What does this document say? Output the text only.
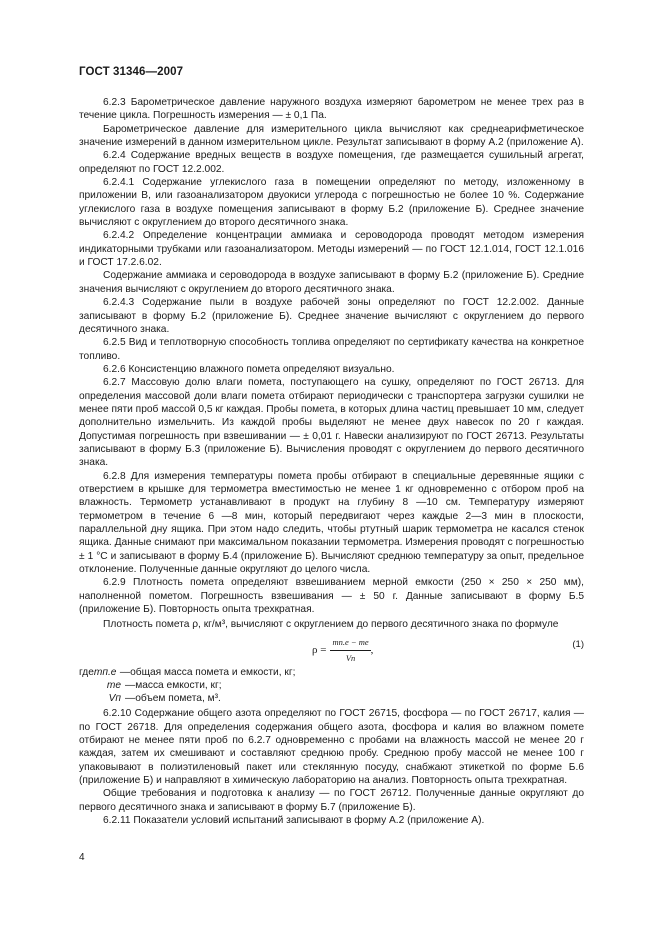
ГОСТ 31346—2007

6.2.3 Барометрическое давление наружного воздуха измеряют барометром не менее трех раз в течение цикла. Погрешность измерения — ± 0,1 Па.

Барометрическое давление для измерительного цикла вычисляют как среднеарифметическое значение измерений в данном измерительном цикле. Результат записывают в форму А.2 (приложение А).

6.2.4 Содержание вредных веществ в воздухе помещения, где размещается сушильный агрегат, определяют по ГОСТ 12.2.002.

6.2.4.1 Содержание углекислого газа в помещении определяют по методу, изложенному в приложении В, или газоанализатором двуокиси углерода с погрешностью не более 10 %. Содержание углекислого газа в воздухе помещения записывают в форму Б.2 (приложение Б). Среднее значение вычисляют с округлением до второго десятичного знака.

6.2.4.2 Определение концентрации аммиака и сероводорода проводят методом измерения индикаторными трубками или газоанализатором. Методы измерений — по ГОСТ 12.1.014, ГОСТ 12.1.016 и ГОСТ 17.2.6.02.

Содержание аммиака и сероводорода в воздухе записывают в форму Б.2 (приложение Б). Средние значения вычисляют с округлением до второго десятичного знака.

6.2.4.3 Содержание пыли в воздухе рабочей зоны определяют по ГОСТ 12.2.002. Данные записывают в форму Б.2 (приложение Б). Среднее значение вычисляют с округлением до первого десятичного знака.

6.2.5 Вид и теплотворную способность топлива определяют по сертификату качества на конкретное топливо.

6.2.6 Консистенцию влажного помета определяют визуально.

6.2.7 Массовую долю влаги помета, поступающего на сушку, определяют по ГОСТ 26713. Для определения массовой доли влаги помета отбирают периодически с транспортера загрузки сушилки не менее пяти проб массой 0,5 кг каждая. Пробы помета, в которых длина частиц превышает 10 мм, следует дополнительно измельчить. Из каждой пробы выделяют не менее двух навесок по 20 г каждая. Допустимая погрешность при взвешивании — ± 0,01 г. Навески анализируют по ГОСТ 26713. Результаты записывают в форму Б.3 (приложение Б). Вычисления проводят с округлением до первого десятичного знака.

6.2.8 Для измерения температуры помета пробы отбирают в специальные деревянные ящики с отверстием в крышке для термометра вместимостью не менее 1 кг одновременно с отбором проб на влажность. Термометр устанавливают в продукт на глубину 8 —10 см. Температуру измеряют термометром в течение 6 —8 мин, который передвигают через каждые 2—3 мин в плоскости, параллельной дну ящика. При этом надо следить, чтобы ртутный шарик термометра не касался стенок ящика. Данные снимают при максимальном показании термометра. Измерения проводят с погрешностью ± 1 °С и записывают в форму Б.4 (приложение Б). Вычисляют среднюю температуру за опыт, предельное отклонение. Полученные данные округляют до целого числа.

6.2.9 Плотность помета определяют взвешиванием мерной емкости (250 × 250 × 250 мм), наполненной пометом. Погрешность взвешивания — ± 50 г. Данные записывают в форму Б.5 (приложение Б). Повторность опыта трехкратная.

Плотность помета ρ, кг/м³, вычисляют с округлением до первого десятичного знака по формуле

$\rho = \frac{mп.е - mе}{Vп}$ ,	(1)
где mп.е — общая масса помета и емкости, кг;
mе — масса емкости, кг;
Vп — объем помета, м³.

6.2.10 Содержание общего азота определяют по ГОСТ 26715, фосфора — по ГОСТ 26717, калия — по ГОСТ 26718. Для определения содержания общего азота, фосфора и калия во влажном помете отбирают не менее пяти проб по 6.2.7 одновременно с пробами на влажность массой не менее 20 г каждая, затем их смешивают и составляют среднюю пробу. Среднюю пробу массой не менее 100 г упаковывают в полиэтиленовый пакет или стеклянную посуду, снабжают этикеткой по форме Б.6 (приложение Б) и направляют в химическую лабораторию на анализ. Повторность опыта трехкратная.

Общие требования и подготовка к анализу — по ГОСТ 26712. Полученные данные округляют до первого десятичного знака и записывают в форму Б.7 (приложение Б).

6.2.11 Показатели условий испытаний записывают в форму А.2 (приложение А).

4
